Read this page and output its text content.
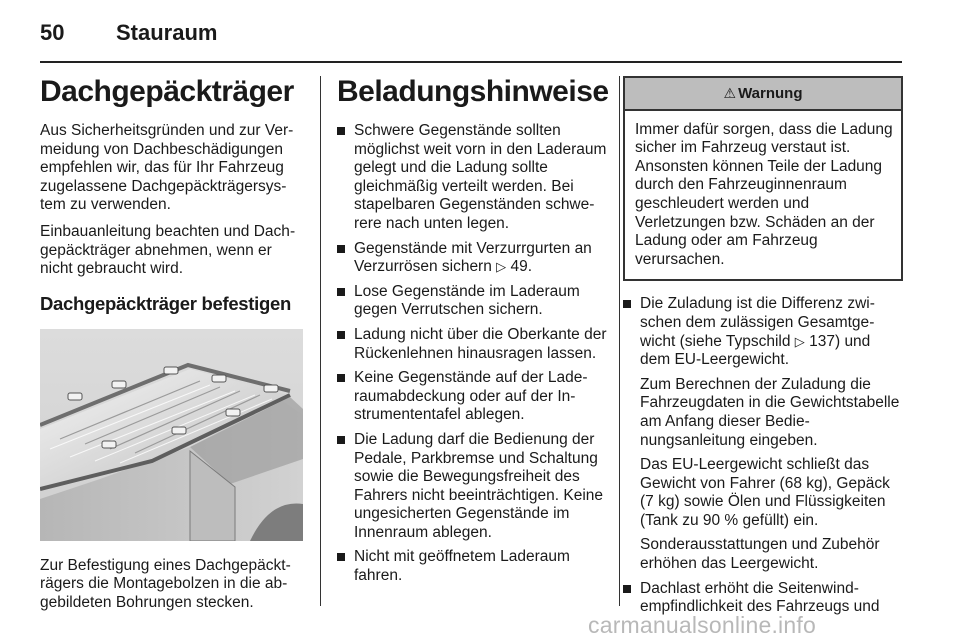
50 Stauraum
Dachgepäckträger

Aus Sicherheitsgründen und zur Vermeidung von Dachbeschädigungen empfehlen wir, das für Ihr Fahrzeug zugelassene Dachgepäckträgersystem zu verwenden.

Einbauanleitung beachten und Dachgepäckträger abnehmen, wenn er nicht gebraucht wird.

Dachgepäckträger befestigen

Zur Befestigung eines Dachgepäckträgers die Montagebolzen in die abgebildeten Bohrungen stecken.

Beladungshinweise
Schwere Gegenstände sollten möglichst weit vorn in den Laderaum gelegt und die Ladung sollte gleichmäßig verteilt werden. Bei stapelbaren Gegenständen schwerere nach unten legen.
Gegenstände mit Verzurrgurten an Verzurrösen sichern ▷ 49.
Lose Gegenstände im Laderaum gegen Verrutschen sichern.
Ladung nicht über die Oberkante der Rückenlehnen hinausragen lassen.
Keine Gegenstände auf der Laderaumabdeckung oder auf der Instrumententafel ablegen.
Die Ladung darf die Bedienung der Pedale, Parkbremse und Schaltung sowie die Bewegungsfreiheit des Fahrers nicht beeinträchtigen. Keine ungesicherten Gegenstände im Innenraum ablegen.
Nicht mit geöffnetem Laderaum fahren.
⚠ Warnung
Immer dafür sorgen, dass die Ladung sicher im Fahrzeug verstaut ist. Ansonsten können Teile der Ladung durch den Fahrzeuginnenraum geschleudert werden und Verletzungen bzw. Schäden an der Ladung oder am Fahrzeug verursachen.

Die Zuladung ist die Differenz zwischen dem zulässigen Gesamtgewicht (siehe Typschild ▷ 137) und dem EU-Leergewicht.

Zum Berechnen der Zuladung die Fahrzeugdaten in die Gewichtstabelle am Anfang dieser Bedienungsanleitung eingeben.

Das EU-Leergewicht schließt das Gewicht von Fahrer (68 kg), Gepäck (7 kg) sowie Ölen und Flüssigkeiten (Tank zu 90 % gefüllt) ein.

Sonderausstattungen und Zubehör erhöhen das Leergewicht.

Dachlast erhöht die Seitenwindempfindlichkeit des Fahrzeugs und
carmanualsonline.info
